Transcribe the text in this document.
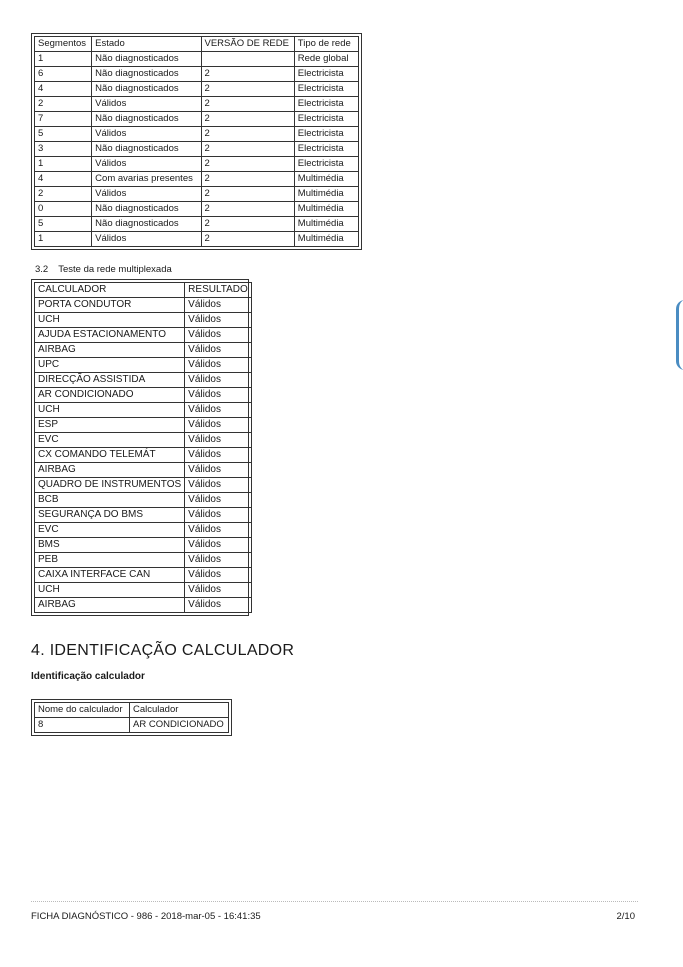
Segmentos	Estado	VERSÃO DE REDE	Tipo de rede
1	Não diagnosticados		Rede global
6	Não diagnosticados	2	Electricista
4	Não diagnosticados	2	Electricista
2	Válidos	2	Electricista
7	Não diagnosticados	2	Electricista
5	Válidos	2	Electricista
3	Não diagnosticados	2	Electricista
1	Válidos	2	Electricista
4	Com avarias presentes	2	Multimédia
2	Válidos	2	Multimédia
0	Não diagnosticados	2	Multimédia
5	Não diagnosticados	2	Multimédia
1	Válidos	2	Multimédia
3.2 Teste da rede multiplexada
CALCULADOR	RESULTADO
PORTA CONDUTOR	Válidos
UCH	Válidos
AJUDA ESTACIONAMENTO	Válidos
AIRBAG	Válidos
UPC	Válidos
DIRECÇÃO ASSISTIDA	Válidos
AR CONDICIONADO	Válidos
UCH	Válidos
ESP	Válidos
EVC	Válidos
CX COMANDO TELEMÁT	Válidos
AIRBAG	Válidos
QUADRO DE INSTRUMENTOS	Válidos
BCB	Válidos
SEGURANÇA DO BMS	Válidos
EVC	Válidos
BMS	Válidos
PEB	Válidos
CAIXA INTERFACE CAN	Válidos
UCH	Válidos
AIRBAG	Válidos
4. IDENTIFICAÇÃO CALCULADOR
Identificação calculador
Nome do calculador	Calculador
8	AR CONDICIONADO
FICHA DIAGNÓSTICO - 986 - 2018-mar-05 - 16:41:35	2/10
